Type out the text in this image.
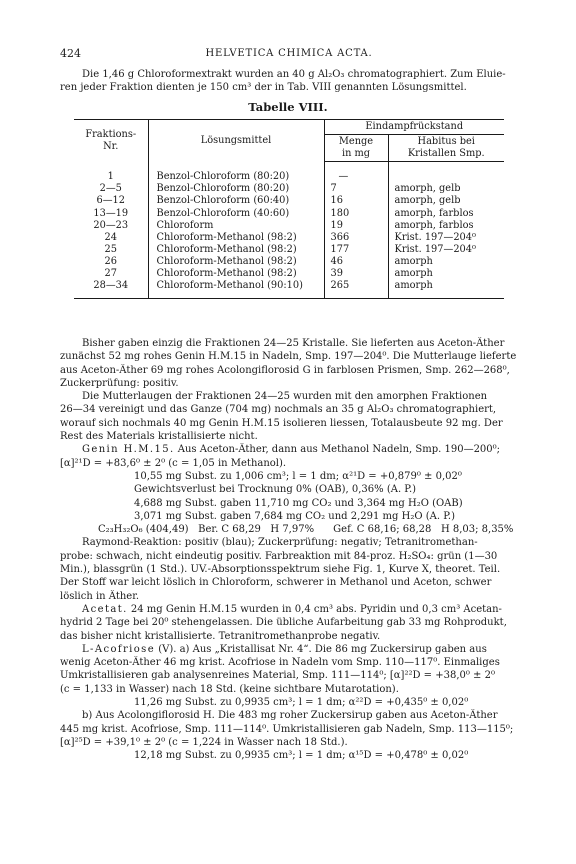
424	HELVETICA CHIMICA ACTA.
Die 1,46 g Chloroformextrakt wurden an 40 g Al₂O₃ chromatographiert. Zum Eluie-
ren jeder Fraktion dienten je 150 cm³ der in Tab. VIII genannten Lösungsmittel.
Tabelle VIII.
Fraktions-
Nr.	Lösungsmittel	Eindampfrückstand	
		Menge
in mg	Habitus bei
Kristallen Smp.

1	Benzol-Chloroform (80:20)	—	
2—5	Benzol-Chloroform (80:20)	7	amorph, gelb
6—12	Benzol-Chloroform (60:40)	16	amorph, gelb
13—19	Benzol-Chloroform (40:60)	180	amorph, farblos
20—23	Chloroform	19	amorph, farblos
24	Chloroform-Methanol (98:2)	366	Krist. 197—204⁰
25	Chloroform-Methanol (98:2)	177	Krist. 197—204⁰
26	Chloroform-Methanol (98:2)	46	amorph
27	Chloroform-Methanol (98:2)	39	amorph
28—34	Chloroform-Methanol (90:10)	265	amorph
Bisher gaben einzig die Fraktionen 24—25 Kristalle. Sie lieferten aus Aceton-Äther
zunächst 52 mg rohes Genin H.M.15 in Nadeln, Smp. 197—204⁰. Die Mutterlauge lieferte
aus Aceton-Äther 69 mg rohes Acolongiflorosid G in farblosen Prismen, Smp. 262—268⁰,
Zuckerprüfung: positiv.
Die Mutterlaugen der Fraktionen 24—25 wurden mit den amorphen Fraktionen
26—34 vereinigt und das Ganze (704 mg) nochmals an 35 g Al₂O₃ chromatographiert,
worauf sich nochmals 40 mg Genin H.M.15 isolieren liessen, Totalausbeute 92 mg. Der
Rest des Materials kristallisierte nicht.
Genin H.M.15. Aus Aceton-Äther, dann aus Methanol Nadeln, Smp. 190—200⁰;
[α]²¹D = +83,6⁰ ± 2⁰ (c = 1,05 in Methanol).
10,55 mg Subst. zu 1,006 cm³; l = 1 dm; α²¹D = +0,879⁰ ± 0,02⁰
Gewichtsverlust bei Trocknung 0% (OAB), 0,36% (A. P.)
4,688 mg Subst. gaben 11,710 mg CO₂ und 3,364 mg H₂O (OAB)
3,071 mg Subst. gaben 7,684 mg CO₂ und 2,291 mg H₂O (A. P.)
C₂₃H₃₂O₆ (404,49)   Ber. C 68,29   H 7,97%      Gef. C 68,16; 68,28   H 8,03; 8,35%
Raymond-Reaktion: positiv (blau); Zuckerprüfung: negativ; Tetranitromethan-
probe: schwach, nicht eindeutig positiv. Farbreaktion mit 84-proz. H₂SO₄: grün (1—30
Min.), blassgrün (1 Std.). UV.-Absorptionsspektrum siehe Fig. 1, Kurve X, theoret. Teil.
Der Stoff war leicht löslich in Chloroform, schwerer in Methanol und Aceton, schwer
löslich in Äther.
Acetat. 24 mg Genin H.M.15 wurden in 0,4 cm³ abs. Pyridin und 0,3 cm³ Acetan-
hydrid 2 Tage bei 20⁰ stehengelassen. Die übliche Aufarbeitung gab 33 mg Rohprodukt,
das bisher nicht kristallisierte. Tetranitromethanprobe negativ.
L-Acofriose (V). a) Aus „Kristallisat Nr. 4“. Die 86 mg Zuckersirup gaben aus
wenig Aceton-Äther 46 mg krist. Acofriose in Nadeln vom Smp. 110—117⁰. Einmaliges
Umkristallisieren gab analysenreines Material, Smp. 111—114⁰; [α]²²D = +38,0⁰ ± 2⁰
(c = 1,133 in Wasser) nach 18 Std. (keine sichtbare Mutarotation).
11,26 mg Subst. zu 0,9935 cm³; l = 1 dm; α²²D = +0,435⁰ ± 0,02⁰
b) Aus Acolongiflorosid H. Die 483 mg roher Zuckersirup gaben aus Aceton-Äther
445 mg krist. Acofriose, Smp. 111—114⁰. Umkristallisieren gab Nadeln, Smp. 113—115⁰;
[α]²⁵D = +39,1⁰ ± 2⁰ (c = 1,224 in Wasser nach 18 Std.).
12,18 mg Subst. zu 0,9935 cm³; l = 1 dm; α¹⁵D = +0,478⁰ ± 0,02⁰
